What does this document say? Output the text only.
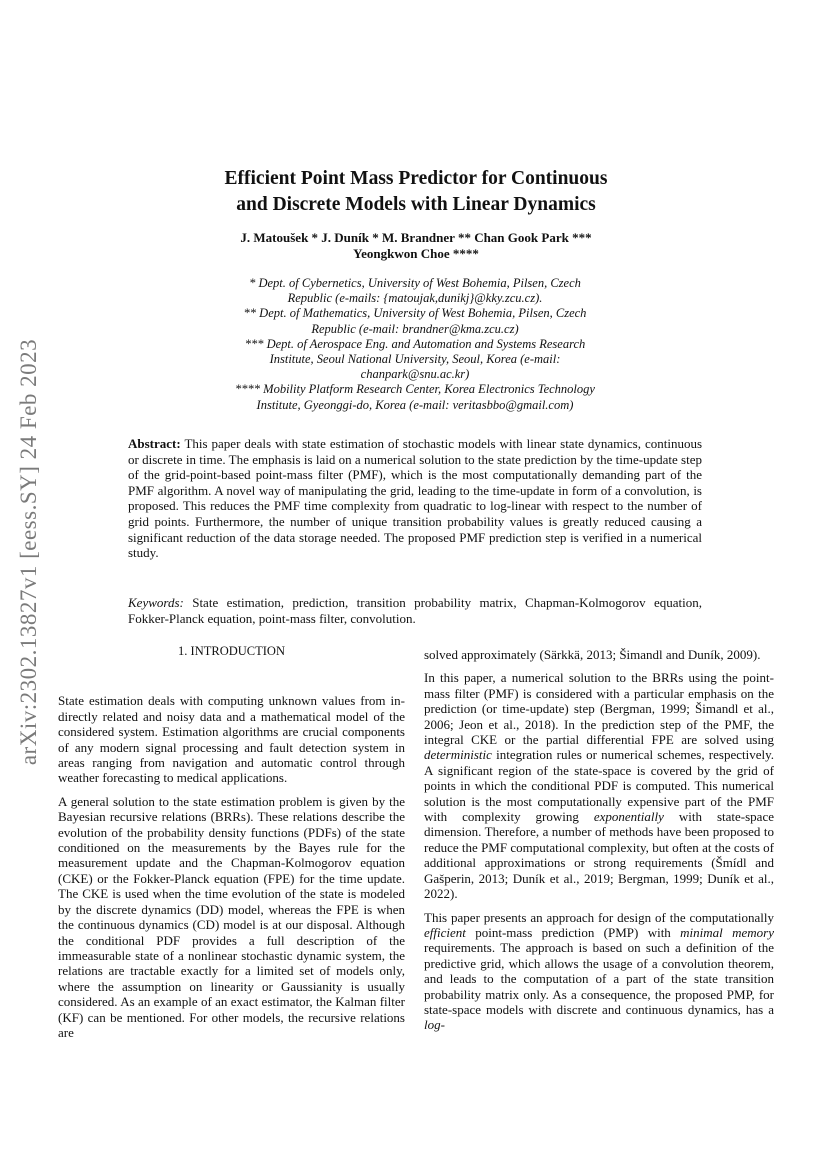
arXiv:2302.13827v1 [eess.SY] 24 Feb 2023
Efficient Point Mass Predictor for Continuous
and Discrete Models with Linear Dynamics
J. Matoušek * J. Duník * M. Brandner ** Chan Gook Park ***
Yeongkwon Choe ****
* Dept. of Cybernetics, University of West Bohemia, Pilsen, Czech
Republic (e-mails: {matoujak,dunikj}@kky.zcu.cz).
** Dept. of Mathematics, University of West Bohemia, Pilsen, Czech
Republic (e-mail: brandner@kma.zcu.cz)
*** Dept. of Aerospace Eng. and Automation and Systems Research
Institute, Seoul National University, Seoul, Korea (e-mail:
chanpark@snu.ac.kr)
**** Mobility Platform Research Center, Korea Electronics Technology
Institute, Gyeonggi-do, Korea (e-mail: veritasbbo@gmail.com)
Abstract: This paper deals with state estimation of stochastic models with linear state dynamics, continuous or discrete in time. The emphasis is laid on a numerical solution to the state prediction by the time-update step of the grid-point-based point-mass filter (PMF), which is the most computationally demanding part of the PMF algorithm. A novel way of manipulating the grid, leading to the time-update in form of a convolution, is proposed. This reduces the PMF time complexity from quadratic to log-linear with respect to the number of grid points. Furthermore, the number of unique transition probability values is greatly reduced causing a significant reduction of the data storage needed. The proposed PMF prediction step is verified in a numerical study.
Keywords: State estimation, prediction, transition probability matrix, Chapman-Kolmogorov equation, Fokker-Planck equation, point-mass filter, convolution.
1. INTRODUCTION

State estimation deals with computing unknown values from in-directly related and noisy data and a mathematical model of the considered system. Estimation algorithms are crucial components of any modern signal processing and fault detection system in areas ranging from navigation and automatic control through weather forecasting to medical applications.

A general solution to the state estimation problem is given by the Bayesian recursive relations (BRRs). These relations describe the evolution of the probability density functions (PDFs) of the state conditioned on the measurements by the Bayes rule for the measurement update and the Chapman-Kolmogorov equation (CKE) or the Fokker-Planck equation (FPE) for the time update. The CKE is used when the time evolution of the state is modeled by the discrete dynamics (DD) model, whereas the FPE is when the continuous dynamics (CD) model is at our disposal. Although the conditional PDF provides a full description of the immeasurable state of a nonlinear stochastic dynamic system, the relations are tractable exactly for a limited set of models only, where the assumption on linearity or Gaussianity is usually considered. As an example of an exact estimator, the Kalman filter (KF) can be mentioned. For other models, the recursive relations are

solved approximately (Särkkä, 2013; Šimandl and Duník, 2009).

In this paper, a numerical solution to the BRRs using the point-mass filter (PMF) is considered with a particular emphasis on the prediction (or time-update) step (Bergman, 1999; Šimandl et al., 2006; Jeon et al., 2018). In the prediction step of the PMF, the integral CKE or the partial differential FPE are solved using deterministic integration rules or numerical schemes, respectively. A significant region of the state-space is covered by the grid of points in which the conditional PDF is computed. This numerical solution is the most computationally expensive part of the PMF with complexity growing exponentially with state-space dimension. Therefore, a number of methods have been proposed to reduce the PMF computational complexity, but often at the costs of additional approximations or strong requirements (Šmídl and Gašperin, 2013; Duník et al., 2019; Bergman, 1999; Duník et al., 2022).

This paper presents an approach for design of the computationally efficient point-mass prediction (PMP) with minimal memory requirements. The approach is based on such a definition of the predictive grid, which allows the usage of a convolution theorem, and leads to the computation of a part of the state transition probability matrix only. As a consequence, the proposed PMP, for state-space models with discrete and continuous dynamics, has a log-
